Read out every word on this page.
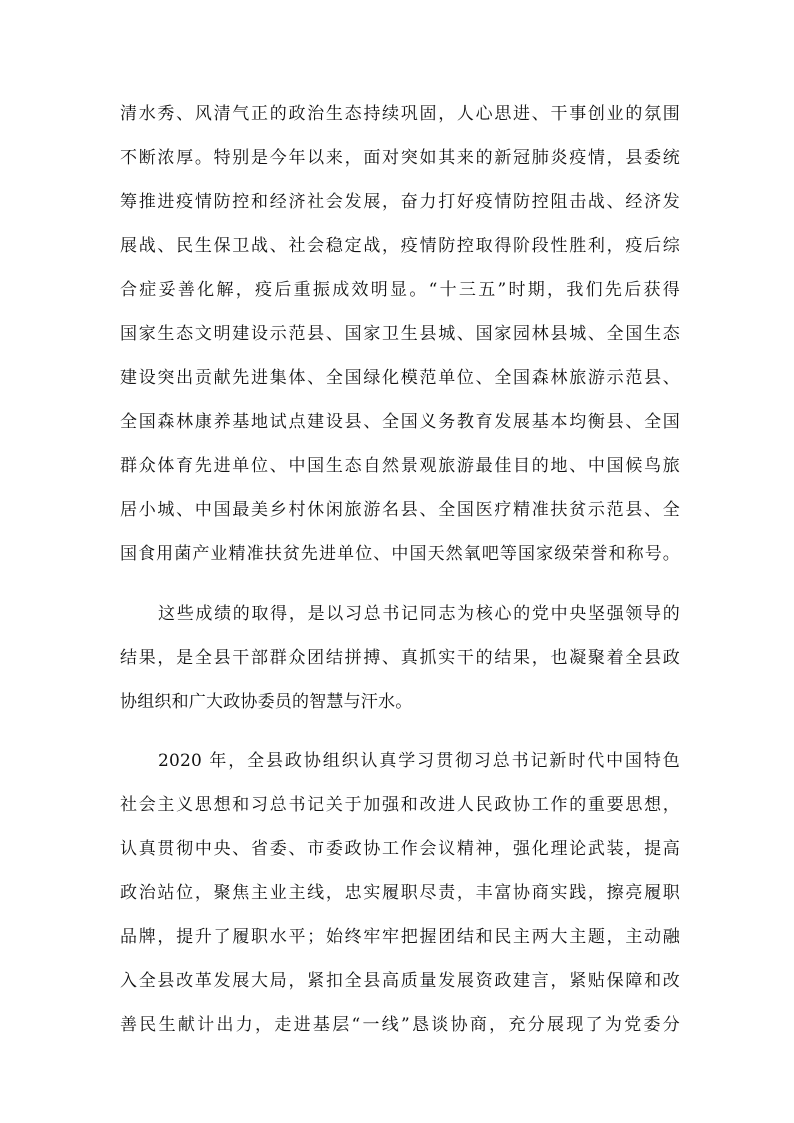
清水秀、风清气正的政治生态持续巩固，人心思进、干事创业的氛围
不断浓厚。特别是今年以来，面对突如其来的新冠肺炎疫情，县委统
筹推进疫情防控和经济社会发展，奋力打好疫情防控阻击战、经济发
展战、民生保卫战、社会稳定战，疫情防控取得阶段性胜利，疫后综
合症妥善化解，疫后重振成效明显。“十三五”时期，我们先后获得
国家生态文明建设示范县、国家卫生县城、国家园林县城、全国生态
建设突出贡献先进集体、全国绿化模范单位、全国森林旅游示范县、
全国森林康养基地试点建设县、全国义务教育发展基本均衡县、全国
群众体育先进单位、中国生态自然景观旅游最佳目的地、中国候鸟旅
居小城、中国最美乡村休闲旅游名县、全国医疗精准扶贫示范县、全
国食用菌产业精准扶贫先进单位、中国天然氧吧等国家级荣誉和称号。
这些成绩的取得，是以习总书记同志为核心的党中央坚强领导的
结果，是全县干部群众团结拼搏、真抓实干的结果，也凝聚着全县政
协组织和广大政协委员的智慧与汗水。
2020 年，全县政协组织认真学习贯彻习总书记新时代中国特色
社会主义思想和习总书记关于加强和改进人民政协工作的重要思想，
认真贯彻中央、省委、市委政协工作会议精神，强化理论武装，提高
政治站位，聚焦主业主线，忠实履职尽责，丰富协商实践，擦亮履职
品牌，提升了履职水平；始终牢牢把握团结和民主两大主题，主动融
入全县改革发展大局，紧扣全县高质量发展资政建言，紧贴保障和改
善民生献计出力，走进基层“一线”恳谈协商，充分展现了为党委分
